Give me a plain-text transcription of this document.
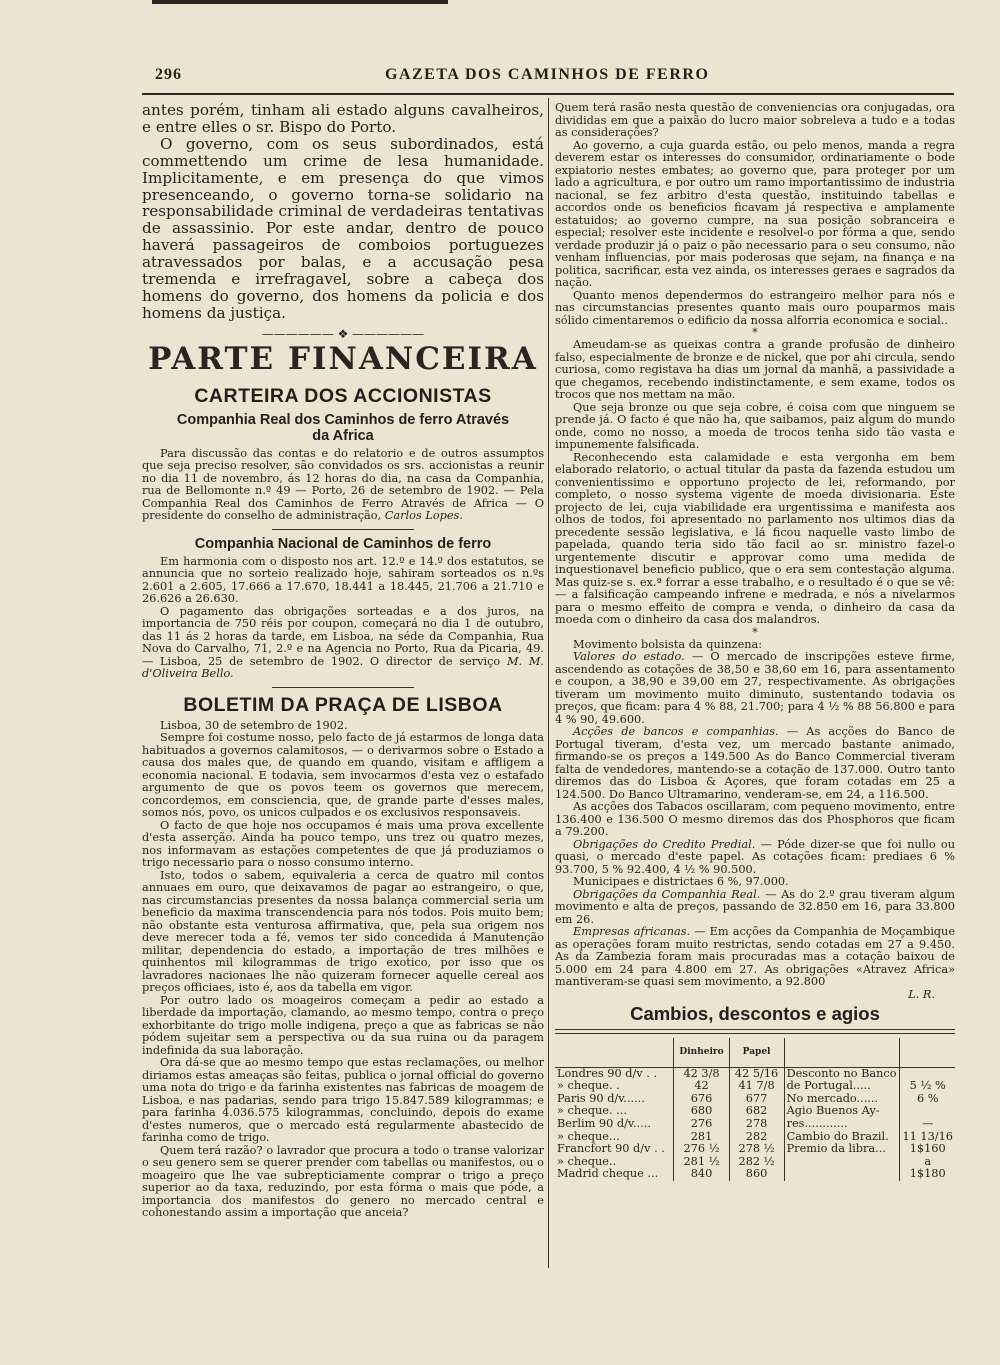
296	GAZETA DOS CAMINHOS DE FERRO

antes porém, tinham ali estado alguns cavalheiros, e entre elles o sr. Bispo do Porto.

O governo, com os seus subordinados, está commettendo um crime de lesa humanidade. Implicitamente, e em presença do que vimos presenceando, o governo torna-se solidario na responsabilidade criminal de verdadeiras tentativas de assassinio. Por este andar, dentro de pouco haverá passageiros de comboios portuguezes atravessados por balas, e a accusação pesa tremenda e irrefragavel, sobre a cabeça dos homens do governo, dos homens da policia e dos homens da justiça.

—————— ❖ ——————

PARTE FINANCEIRA

CARTEIRA DOS ACCIONISTAS

Companhia Real dos Caminhos de ferro Através da Africa

Para discussão das contas e do relatorio e de outros assumptos que seja preciso resolver, são convidados os srs. accionistas a reunir no dia 11 de novembro, ás 12 horas do dia, na casa da Companhia, rua de Bellomonte n.º 49 — Porto, 26 de setembro de 1902. — Pela Companhia Real dos Caminhos de Ferro Através de Africa — O presidente do conselho de administração, Carlos Lopes.

Companhia Nacional de Caminhos de ferro

Em harmonia com o disposto nos art. 12.º e 14.º dos estatutos, se annuncia que no sorteio realizado hoje, sahiram sorteados os n.ºs 2.601 a 2.605, 17.666 a 17.670, 18.441 a 18.445, 21.706 a 21.710 e 26.626 a 26.630.

O pagamento das obrigações sorteadas e a dos juros, na importancia de 750 réis por coupon, começará no dia 1 de outubro, das 11 ás 2 horas da tarde, em Lisboa, na séde da Companhia, Rua Nova do Carvalho, 71, 2.º e na Agencia no Porto, Rua da Picaria, 49. — Lisboa, 25 de setembro de 1902. O director de serviço M. M. d'Oliveira Bello.

BOLETIM DA PRAÇA DE LISBOA

Lisboa, 30 de setembro de 1902.

Sempre foi costume nosso, pelo facto de já estarmos de longa data habituados a governos calamitosos, — o derivarmos sobre o Estado a causa dos males que, de quando em quando, visitam e affligem a economia nacional. E todavia, sem invocarmos d'esta vez o estafado argumento de que os povos teem os governos que merecem, concordemos, em consciencia, que, de grande parte d'esses males, somos nós, povo, os unicos culpados e os exclusivos responsaveis.

O facto de que hoje nos occupamos é mais uma prova excellente d'esta asserção. Ainda ha pouco tempo, uns trez ou quatro mezes, nos informavam as estações competentes de que já produziamos o trigo necessario para o nosso consumo interno.

Isto, todos o sabem, equivaleria a cerca de quatro mil contos annuaes em ouro, que deixavamos de pagar ao estrangeiro, o que, nas circumstancias presentes da nossa balança commercial seria um beneficio da maxima transcendencia para nós todos. Pois muito bem; não obstante esta venturosa affirmativa, que, pela sua origem nos deve merecer toda a fé, vemos ter sido concedida á Manutenção militar, dependencia do estado, a importação de tres milhões e quinhentos mil kilogrammas de trigo exotico, por isso que os lavradores nacionaes lhe não quizeram fornecer aquelle cereal aos preços officiaes, isto é, aos da tabella em vigor.

Por outro lado os moageiros começam a pedir ao estado a liberdade da importação, clamando, ao mesmo tempo, contra o preço exhorbitante do trigo molle indigena, preço a que as fabricas se não pódem sujeitar sem a perspectiva ou da sua ruina ou da paragem indefinida da sua laboração.

Ora dá-se que ao mesmo tempo que estas reclamações, ou melhor diriamos estas ameaças são feitas, publica o jornal official do governo uma nota do trigo e da farinha existentes nas fabricas de moagem de Lisboa, e nas padarias, sendo para trigo 15.847.589 kilogrammas; e para farinha 4.036.575 kilogrammas, concluindo, depois do exame d'estes numeros, que o mercado está regularmente abastecido de farinha como de trigo.

Quem terá razão? o lavrador que procura a todo o transe valorizar o seu genero sem se querer prender com tabellas ou manifestos, ou o moageiro que lhe vae subrepticiamente comprar o trigo a preço superior ao da taxa, reduzindo, por esta fórma o mais que póde, a importancia dos manifestos do genero no mercado central e cohonestando assim a importação que anceia?

Quem terá rasão nesta questão de conveniencias ora conjugadas, ora divididas em que a paixão do lucro maior sobreleva a tudo e a todas as considerações?

Ao governo, a cuja guarda estão, ou pelo menos, manda a regra deverem estar os interesses do consumidor, ordinariamente o bode expiatorio nestes embates; ao governo que, para proteger por um lado a agricultura, e por outro um ramo importantissimo de industria nacional, se fez arbitro d'esta questão, instituindo tabellas e accordos onde os beneficios ficavam já respectiva e amplamente estatuidos; ao governo cumpre, na sua posição sobranceira e especial; resolver este incidente e resolvel-o por fórma a que, sendo verdade produzir já o paiz o pão necessario para o seu consumo, não venham influencias, por mais poderosas que sejam, na finança e na politica, sacrificar, esta vez ainda, os interesses geraes e sagrados da nação.

Quanto menos dependermos do estrangeiro melhor para nós e nas circumstancias presentes quanto mais ouro pouparmos mais sólido cimentaremos o edificio da nossa alforria economica e social..

*

Ameudam-se as queixas contra a grande profusão de dinheiro falso, especialmente de bronze e de nickel, que por ahi circula, sendo curiosa, como registava ha dias um jornal da manhã, a passividade a que chegamos, recebendo indistinctamente, e sem exame, todos os trocos que nos mettam na mão.

Que seja bronze ou que seja cobre, é coisa com que ninguem se prende já. O facto é que não ha, que saibamos, paiz algum do mundo onde, como no nosso, a moeda de trocos tenha sido tão vasta e impunemente falsificada.

Reconhecendo esta calamidade e esta vergonha em bem elaborado relatorio, o actual titular da pasta da fazenda estudou um convenientissimo e opportuno projecto de lei, reformando, por completo, o nosso systema vigente de moeda divisionaria. Este projecto de lei, cuja viabilidade era urgentissima e manifesta aos olhos de todos, foi apresentado no parlamento nos ultimos dias da precedente sessão legislativa, e lá ficou naquelle vasto limbo de papelada, quando teria sido tão facil ao sr. ministro fazel-o urgentemente discutir e approvar como uma medida de inquestionavel beneficio publico, que o era sem contestação alguma. Mas quiz-se s. ex.ª forrar a esse trabalho, e o resultado é o que se vê: — a falsificação campeando infrene e medrada, e nós a nivelarmos para o mesmo effeito de compra e venda, o dinheiro da casa da moeda com o dinheiro da casa dos malandros.

*

Movimento bolsista da quinzena:

Valores do estado. — O mercado de inscripções esteve firme, ascendendo as cotações de 38,50 e 38,60 em 16, para assentamento e coupon, a 38,90 e 39,00 em 27, respectivamente. As obrigações tiveram um movimento muito diminuto, sustentando todavia os preços, que ficam: para 4 % 88, 21.700; para 4 ½ % 88 56.800 e para 4 % 90, 49.600.

Acções de bancos e companhias. — As acções do Banco de Portugal tiveram, d'esta vez, um mercado bastante animado, firmando-se os preços a 149.500 As do Banco Commercial tiveram falta de vendedores, mantendo-se a cotação de 137.000. Outro tanto diremos das do Lisboa & Açores, que foram cotadas em 25 a 124.500. Do Banco Ultramarino, venderam-se, em 24, a 116.500.

As acções dos Tabacos oscillaram, com pequeno movimento, entre 136.400 e 136.500 O mesmo diremos das dos Phosphoros que ficam a 79.200.

Obrigações do Credito Predial. — Póde dizer-se que foi nullo ou quasi, o mercado d'este papel. As cotações ficam: prediaes 6 % 93.700, 5 % 92.400, 4 ½ % 90.500.

Municipaes e districtaes 6 %, 97.000.

Obrigações da Companhia Real. — As do 2.º grau tiveram algum movimento e alta de preços, passando de 32.850 em 16, para 33.800 em 26.

Empresas africanas. — Em acções da Companhia de Moçambique as operações foram muito restrictas, sendo cotadas em 27 a 9.450. As da Zambezia foram mais procuradas mas a cotação baixou de 5.000 em 24 para 4.800 em 27. As obrigações «Atravez Africa» mantiveram-se quasi sem movimento, a 92.800

L. R.

Cambios, descontos e agios

	Dinheiro	Papel		
Londres 90 d/v . .	42 3/8	42 5/16	Desconto no Banco	
» cheque. .	42	41 7/8	de Portugal.....	5 ½ %
Paris 90 d/v......	676	677	No mercado......	6 %
» cheque. ...	680	682	Agio Buenos Ay-	
Berlim 90 d/v.....	276	278	res............	—
» cheque...	281	282	Cambio do Brazil.	11 13/16
Francfort 90 d/v . .	276 ½	278 ½	Premio da libra...	1$160
» cheque..	281 ½	282 ½		a
Madrid cheque ...	840	860		1$180
